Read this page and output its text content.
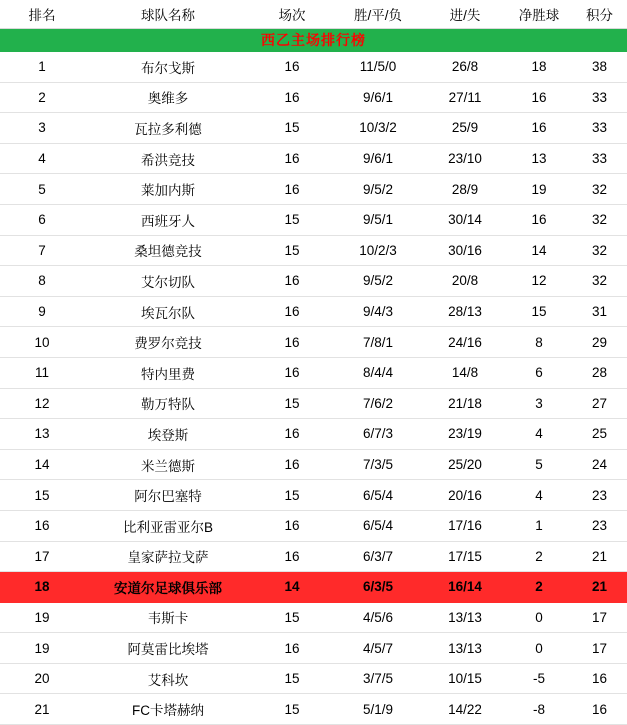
西乙主场排行榜						
排名	球队名称	场次	胜/平/负	进/失	净胜球	积分
1	布尔戈斯	16	11/5/0	26/8	18	38
2	奥维多	16	9/6/1	27/11	16	33
3	瓦拉多利德	15	10/3/2	25/9	16	33
4	希洪竞技	16	9/6/1	23/10	13	33
5	莱加内斯	16	9/5/2	28/9	19	32
6	西班牙人	15	9/5/1	30/14	16	32
7	桑坦德竞技	15	10/2/3	30/16	14	32
8	艾尔切队	16	9/5/2	20/8	12	32
9	埃瓦尔队	16	9/4/3	28/13	15	31
10	费罗尔竞技	16	7/8/1	24/16	8	29
11	特内里费	16	8/4/4	14/8	6	28
12	勒万特队	15	7/6/2	21/18	3	27
13	埃登斯	16	6/7/3	23/19	4	25
14	米兰德斯	16	7/3/5	25/20	5	24
15	阿尔巴塞特	15	6/5/4	20/16	4	23
16	比利亚雷亚尔B	16	6/5/4	17/16	1	23
17	皇家萨拉戈萨	16	6/3/7	17/15	2	21
18	安道尔足球俱乐部	14	6/3/5	16/14	2	21
19	韦斯卡	15	4/5/6	13/13	0	17
19	阿莫雷比埃塔	16	4/5/7	13/13	0	17
20	艾科坎	15	3/7/5	10/15	-5	16
21	FC卡塔赫纳	15	5/1/9	14/22	-8	16
